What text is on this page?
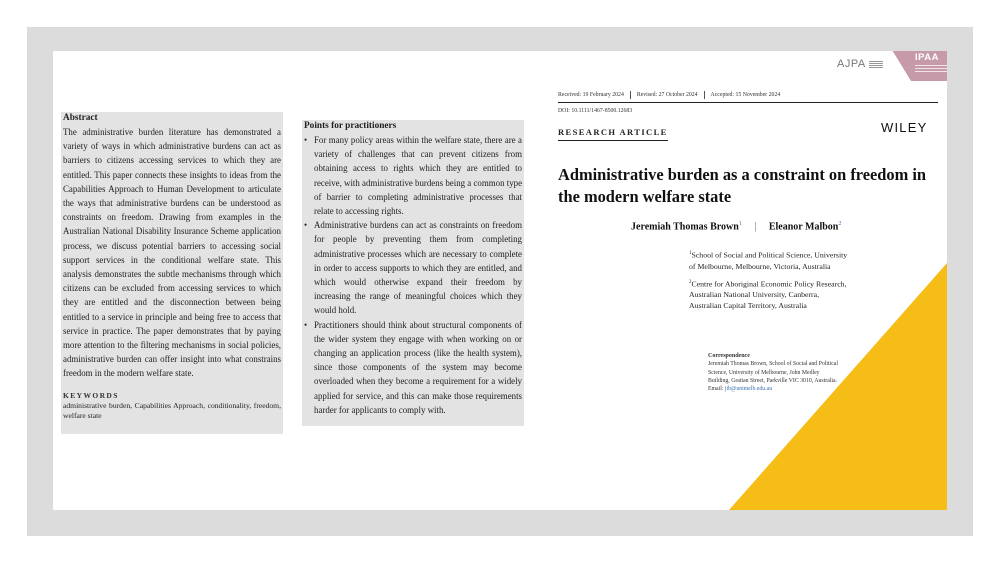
Abstract

The administrative burden literature has demonstrated a variety of ways in which administrative burdens can act as barriers to citizens accessing services to which they are entitled. This paper connects these insights to ideas from the Capabilities Approach to Human Development to articulate the ways that administrative burdens can be understood as constraints on freedom. Drawing from examples in the Australian National Disability Insurance Scheme application process, we discuss potential barriers to accessing social support services in the conditional welfare state. This analysis demonstrates the subtle mechanisms through which citizens can be excluded from accessing services to which they are entitled and the disconnection between being entitled to a service in principle and being free to access that service in practice. The paper demonstrates that by paying more attention to the filtering mechanisms in social policies, administrative burden can offer insight into what constrains freedom in the modern welfare state.

KEYWORDS
administrative burden, Capabilities Approach, conditionality, freedom, welfare state
Points for practitioners
• For many policy areas within the welfare state, there are a variety of challenges that can prevent citizens from obtaining access to rights which they are entitled to receive, with administrative burdens being a common type of barrier to completing administrative processes that relate to accessing rights.
• Administrative burdens can act as constraints on freedom for people by preventing them from completing administrative processes which are necessary to complete in order to access supports to which they are entitled, and which would otherwise expand their freedom by increasing the range of meaningful choices which they would hold.
• Practitioners should think about structural components of the wider system they engage with when working on or changing an application process (like the health system), since those components of the system may become overloaded when they become a requirement for a widely applied for service, and this can make those requirements harder for applicants to comply with.
AJPA
IPAA
Received: 19 February 2024	Revised: 27 October 2024	Accepted: 15 November 2024
DOI: 10.1111/1467-8500.12683
RESEARCH ARTICLE	WILEY
Administrative burden as a constraint on freedom in the modern welfare state
Jeremiah Thomas Brown$^1$ | Eleanor Malbon$^2$
$^1$School of Social and Political Science, University of Melbourne, Melbourne, Victoria, Australia
$^2$Centre for Aboriginal Economic Policy Research, Australian National University, Canberra, Australian Capital Territory, Australia
Correspondence
Jeremiah Thomas Brown, School of Social and Political Science, University of Melbourne, John Medley Building, Grattan Street, Parkville VIC 3010, Australia.
Email: jtb@unimelb.edu.au
